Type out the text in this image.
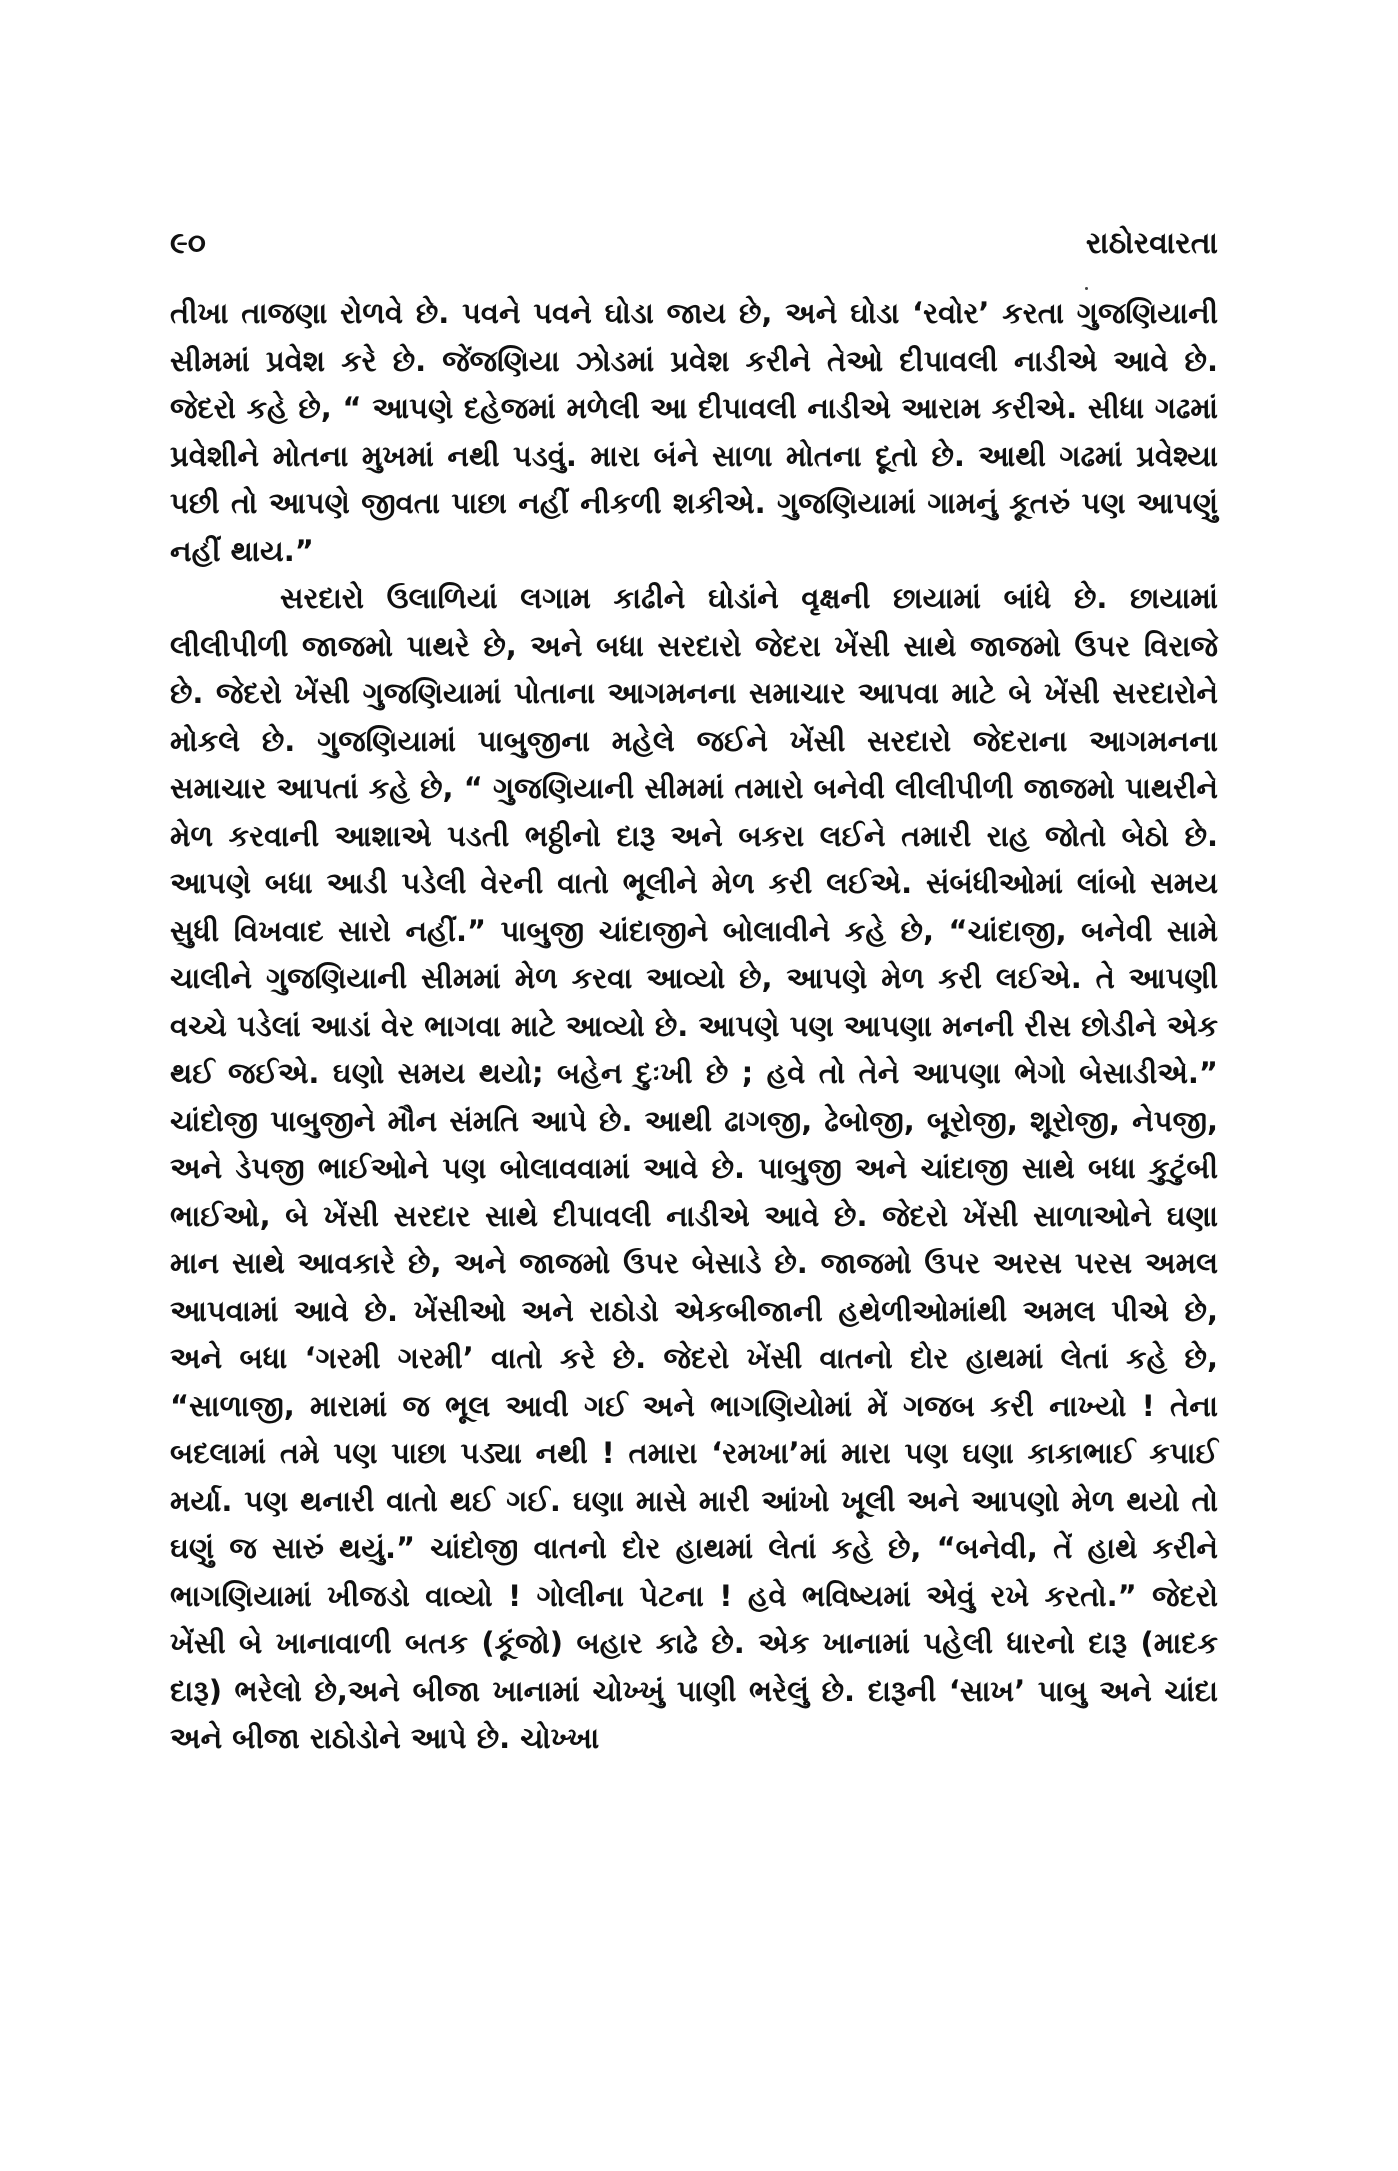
૯૦	રાઠોરવારતા

તીખા તાજણા રોળવે છે. પવને પવને ઘોડા જાય છે, અને ઘોડા ‘રવોર’ કરતા ગુજણિયાની સીમમાં પ્રવેશ કરે છે. જેંજણિયા ઝોડમાં પ્રવેશ કરીને તેઓ દીપાવલી નાડીએ આવે છે. જેદરો કહે છે, “ આપણે દહેજમાં મળેલી આ દીપાવલી નાડીએ આરામ કરીએ. સીધા ગઢમાં પ્રવેશીને મોતના મુખમાં નથી પડવું. મારા બંને સાળા મોતના દૂતો છે. આથી ગઢમાં પ્રવેશ્યા પછી તો આપણે જીવતા પાછા નહીં નીકળી શકીએ. ગુજણિયામાં ગામનું કૂતરું પણ આપણું નહીં થાય.”

સરદારો ઉલાળિયાં લગામ કાઢીને ઘોડાંને વૃક્ષની છાયામાં બાંધે છે. છાયામાં લીલીપીળી જાજમો પાથરે છે, અને બધા સરદારો જેદરા ખેંસી સાથે જાજમો ઉપર વિરાજે છે. જેદરો ખેંસી ગુજણિયામાં પોતાના આગમનના સમાચાર આપવા માટે બે ખેંસી સરદારોને મોકલે છે. ગુજણિયામાં પાબુજીના મહેલે જઈને ખેંસી સરદારો જેદરાના આગમનના સમાચાર આપતાં કહે છે, “ ગુજણિયાની સીમમાં તમારો બનેવી લીલીપીળી જાજમો પાથરીને મેળ કરવાની આશાએ પડતી ભઠ્ઠીનો દારૂ અને બકરા લઈને તમારી રાહ જોતો બેઠો છે. આપણે બધા આડી પડેલી વેરની વાતો ભૂલીને મેળ કરી લઈએ. સંબંધીઓમાં લાંબો સમય સુધી વિખવાદ સારો નહીં.” પાબુજી ચાંદાજીને બોલાવીને કહે છે, “ચાંદાજી, બનેવી સામે ચાલીને ગુજણિયાની સીમમાં મેળ કરવા આવ્યો છે, આપણે મેળ કરી લઈએ. તે આપણી વચ્ચે પડેલાં આડાં વેર ભાગવા માટે આવ્યો છે. આપણે પણ આપણા મનની રીસ છોડીને એક થઈ જઈએ. ઘણો સમય થયો; બહેન દુઃખી છે ; હવે તો તેને આપણા ભેગો બેસાડીએ.” ચાંદોજી પાબુજીને મૌન સંમતિ આપે છે. આથી ઢાગજી, ઢેબોજી, બૂરોજી, શૂરોજી, નેપજી, અને ડેપજી ભાઈઓને પણ બોલાવવામાં આવે છે. પાબુજી અને ચાંદાજી સાથે બધા કુટુંબી ભાઈઓ, બે ખેંસી સરદાર સાથે દીપાવલી નાડીએ આવે છે. જેદરો ખેંસી સાળાઓને ઘણા માન સાથે આવકારે છે, અને જાજમો ઉપર બેસાડે છે. જાજમો ઉપર અરસ પરસ અમલ આપવામાં આવે છે. ખેંસીઓ અને રાઠોડો એકબીજાની હથેળીઓમાંથી અમલ પીએ છે, અને બધા ‘ગરમી ગરમી’ વાતો કરે છે. જેદરો ખેંસી વાતનો દોર હાથમાં લેતાં કહે છે, “સાળાજી, મારામાં જ ભૂલ આવી ગઈ અને ભાગણિયોમાં મેં ગજબ કરી નાખ્યો ! તેના બદલામાં તમે પણ પાછા પડ્યા નથી ! તમારા ‘રમખા’માં મારા પણ ઘણા કાકાભાઈ કપાઈ મર્યા. પણ થનારી વાતો થઈ ગઈ. ઘણા માસે મારી આંખો ખૂલી અને આપણો મેળ થયો તો ઘણું જ સારું થયું.” ચાંદોજી વાતનો દોર હાથમાં લેતાં કહે છે, “બનેવી, તેં હાથે કરીને ભાગણિયામાં ખીજડો વાવ્યો ! ગોલીના પેટના ! હવે ભવિષ્યમાં એવું રખે કરતો.” જેદરો ખેંસી બે ખાનાવાળી બતક (કૂંજો) બહાર કાઢે છે. એક ખાનામાં પહેલી ધારનો દારૂ (માદક દારૂ) ભરેલો છે,અને બીજા ખાનામાં ચોખ્ખું પાણી ભરેલું છે. દારૂની ‘સાખ’ પાબુ અને ચાંદા અને બીજા રાઠોડોને આપે છે. ચોખ્ખા
